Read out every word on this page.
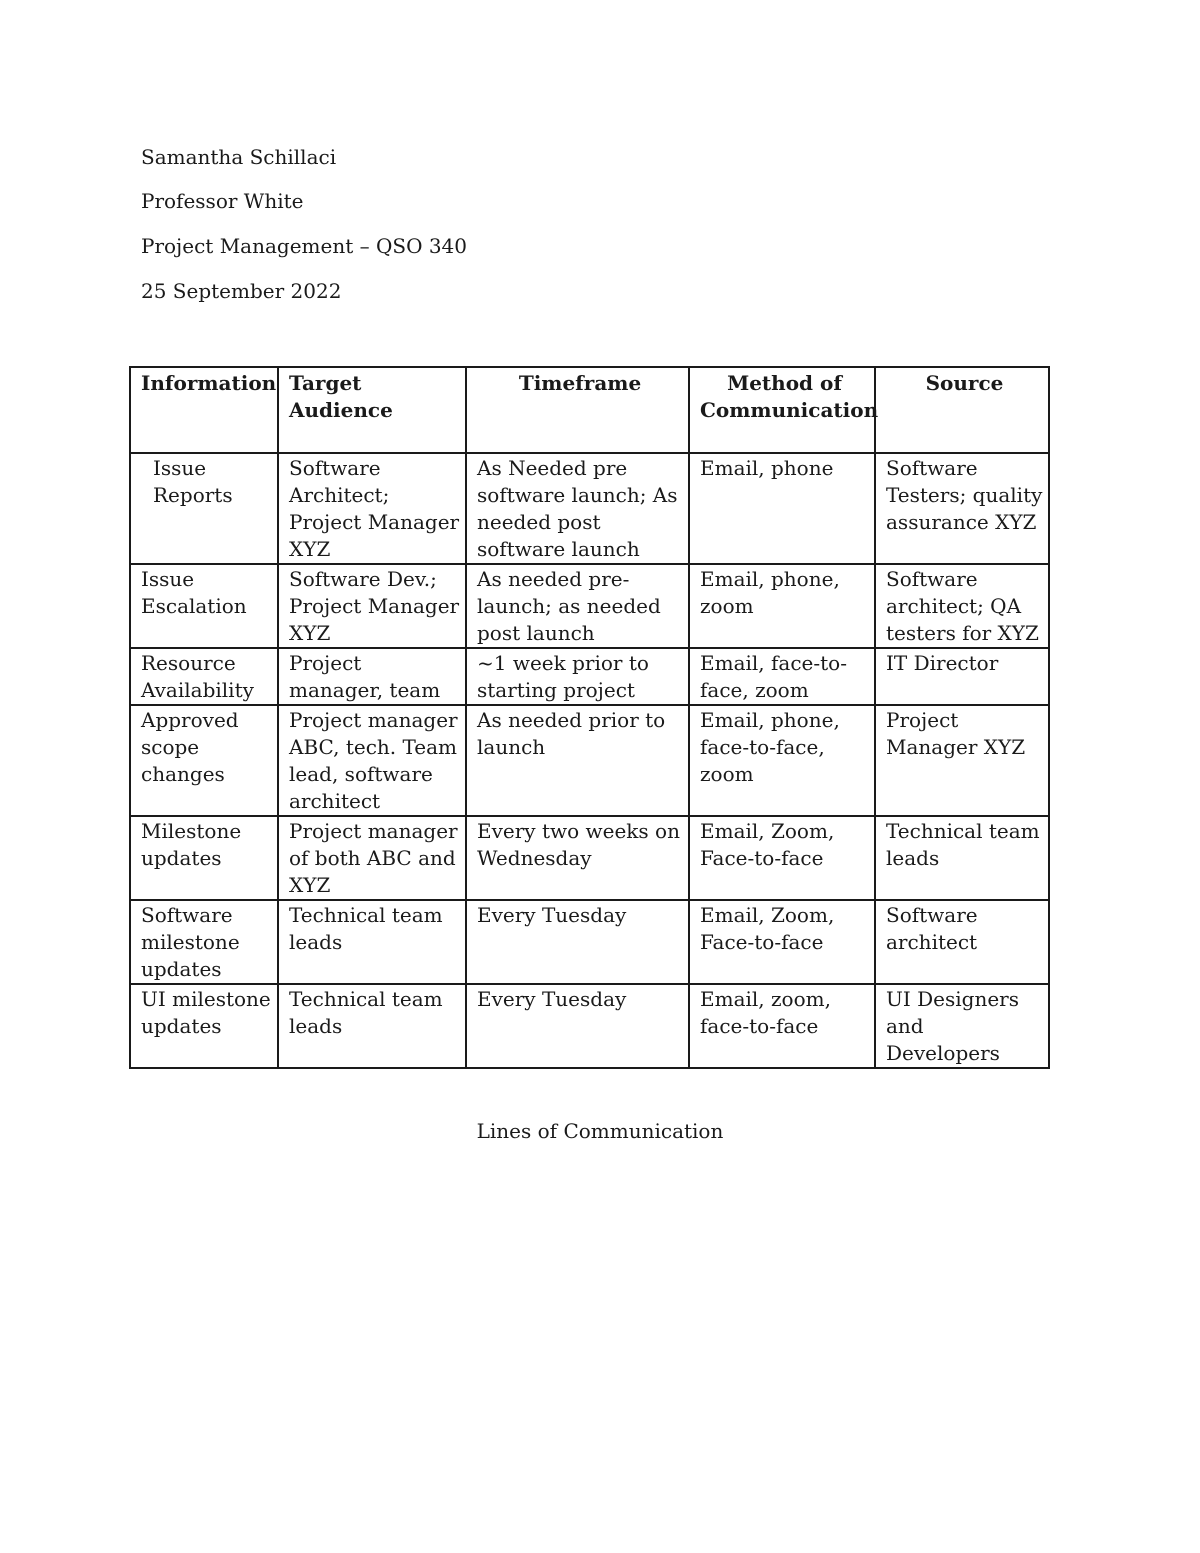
Samantha Schillaci
Professor White
Project Management – QSO 340
25 September 2022
Information	Target Audience	Timeframe	Method of Communication	Source
Issue Reports	Software Architect; Project Manager XYZ	As Needed pre software launch; As needed post software launch	Email, phone	Software Testers; quality assurance XYZ
Issue Escalation	Software Dev.; Project Manager XYZ	As needed pre-launch; as needed post launch	Email, phone, zoom	Software architect; QA testers for XYZ
Resource Availability	Project manager, team	~1 week prior to starting project	Email, face-to-face, zoom	IT Director
Approved scope changes	Project manager ABC, tech. Team lead, software architect	As needed prior to launch	Email, phone, face-to-face, zoom	Project Manager XYZ
Milestone updates	Project manager of both ABC and XYZ	Every two weeks on Wednesday	Email, Zoom, Face-to-face	Technical team leads
Software milestone updates	Technical team leads	Every Tuesday	Email, Zoom, Face-to-face	Software architect
UI milestone updates	Technical team leads	Every Tuesday	Email, zoom, face-to-face	UI Designers and Developers
Lines of Communication
